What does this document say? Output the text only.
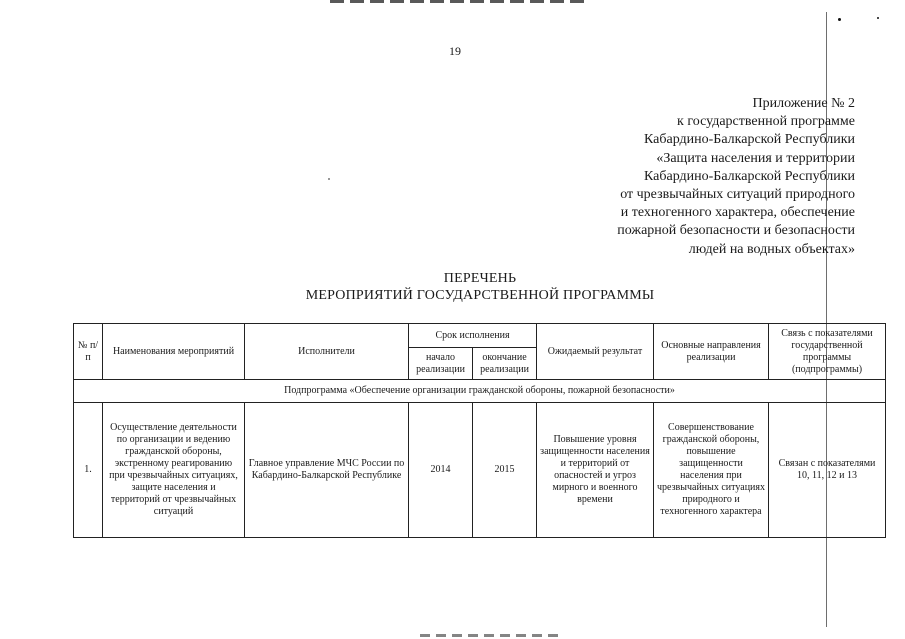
19
Приложение № 2
к государственной программе
Кабардино-Балкарской Республики
«Защита населения и территории
Кабардино-Балкарской Республики
от чрезвычайных ситуаций природного
и техногенного характера, обеспечение
пожарной безопасности и безопасности
людей на водных объектах»
ПЕРЕЧЕНЬ
МЕРОПРИЯТИЙ ГОСУДАРСТВЕННОЙ ПРОГРАММЫ
№ п/п	Наименования мероприятий	Исполнители	Срок исполнения		Ожидаемый результат	Основные направления реализации	Связь с показателями государственной программы (подпрограммы)
			начало реализации	окончание реализации			
Подпрограмма «Обеспечение организации гражданской обороны, пожарной безопасности»							
1.	Осуществление деятельности по организации и ведению гражданской обороны, экстренному реагированию при чрезвычайных ситуациях, защите населения и территорий от чрезвычайных ситуаций	Главное управление МЧС России по Кабардино-Балкарской Республике	2014	2015	Повышение уровня защищенности населения и территорий от опасностей и угроз мирного и военного времени	Совершенствование гражданской обороны, повышение защищенности населения при чрезвычайных ситуациях природного и техногенного характера	Связан с показателями 10, 11, 12 и 13
